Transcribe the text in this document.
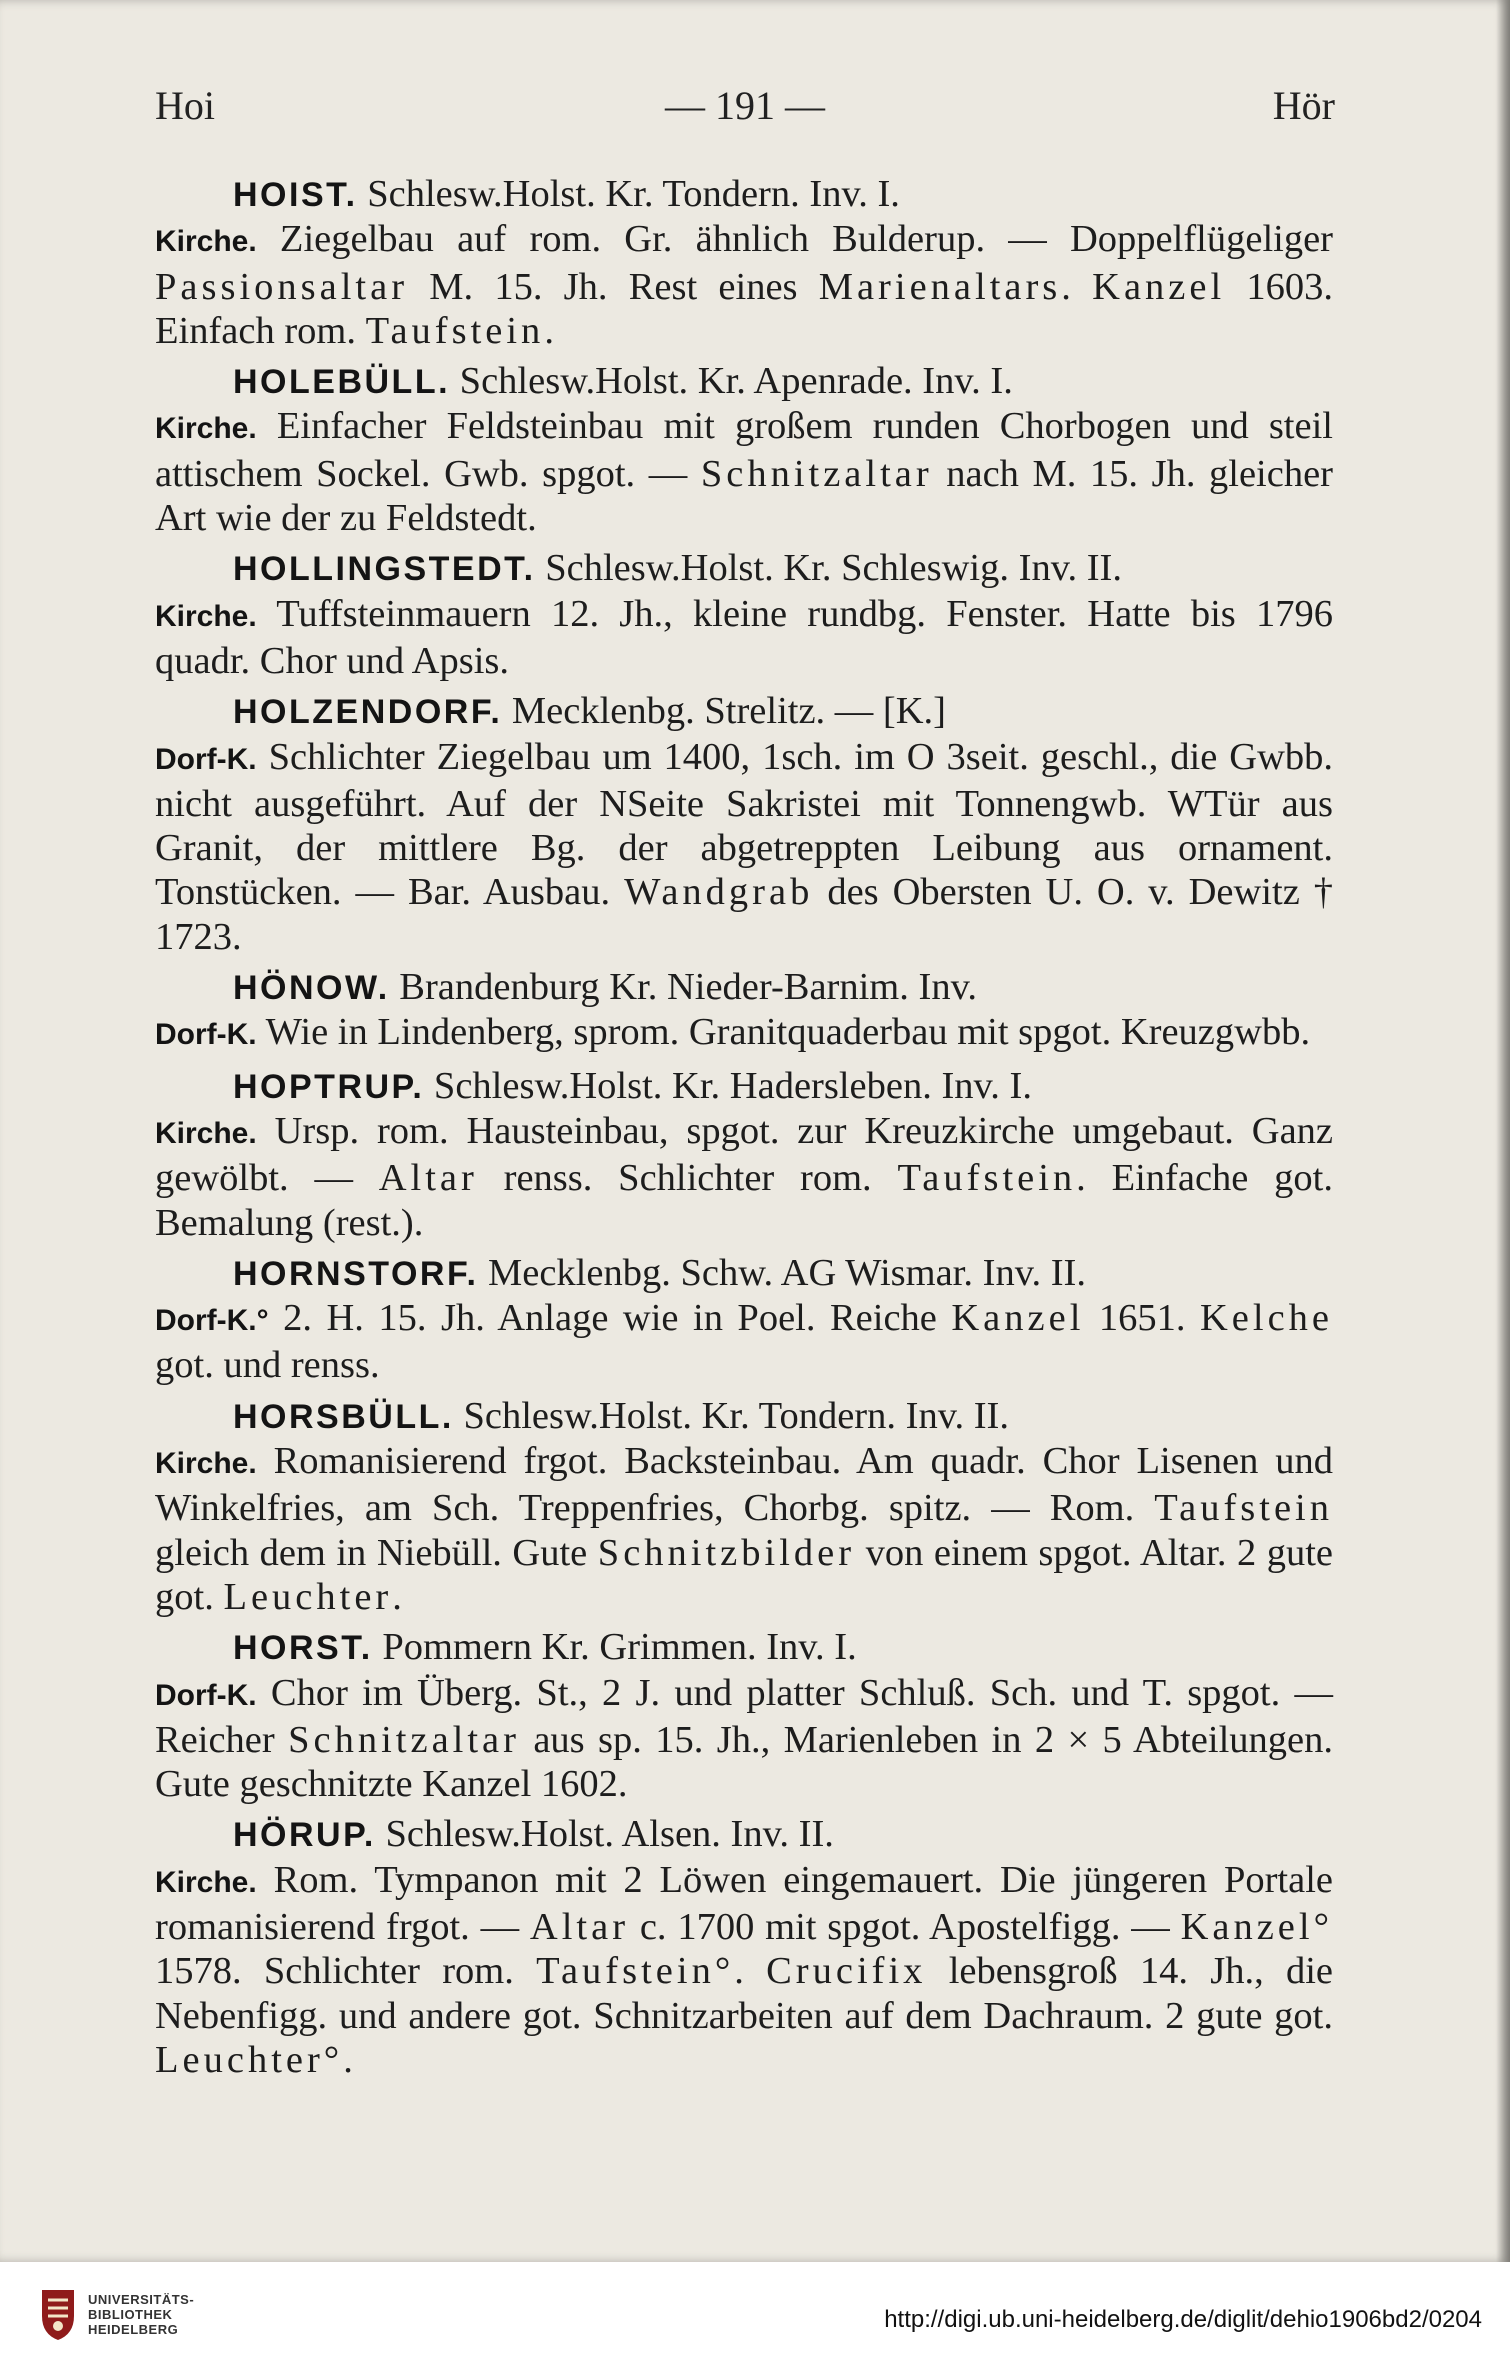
Hoi	— 191 —	Hör
HOIST. Schlesw.Holst. Kr. Tondern. Inv. I.
Kirche. Ziegelbau auf rom. Gr. ähnlich Bulderup. — Doppelflügeliger Passionsaltar M. 15. Jh. Rest eines Marienaltars. Kanzel 1603. Einfach rom. Taufstein.
HOLEBÜLL. Schlesw.Holst. Kr. Apenrade. Inv. I.
Kirche. Einfacher Feldsteinbau mit großem runden Chorbogen und steil attischem Sockel. Gwb. spgot. — Schnitzaltar nach M. 15. Jh. gleicher Art wie der zu Feldstedt.
HOLLINGSTEDT. Schlesw.Holst. Kr. Schleswig. Inv. II.
Kirche. Tuffsteinmauern 12. Jh., kleine rundbg. Fenster. Hatte bis 1796 quadr. Chor und Apsis.
HOLZENDORF. Mecklenbg. Strelitz. — [K.]
Dorf-K. Schlichter Ziegelbau um 1400, 1sch. im O 3seit. geschl., die Gwbb. nicht ausgeführt. Auf der NSeite Sakristei mit Tonnengwb. WTür aus Granit, der mittlere Bg. der abgetreppten Leibung aus ornament. Tonstücken. — Bar. Ausbau. Wandgrab des Obersten U. O. v. Dewitz † 1723.
HÖNOW. Brandenburg Kr. Nieder-Barnim. Inv.
Dorf-K. Wie in Lindenberg, sprom. Granitquaderbau mit spgot. Kreuzgwbb.
HOPTRUP. Schlesw.Holst. Kr. Hadersleben. Inv. I.
Kirche. Ursp. rom. Hausteinbau, spgot. zur Kreuzkirche umgebaut. Ganz gewölbt. — Altar renss. Schlichter rom. Taufstein. Einfache got. Bemalung (rest.).
HORNSTORF. Mecklenbg. Schw. AG Wismar. Inv. II.
Dorf-K.° 2. H. 15. Jh. Anlage wie in Poel. Reiche Kanzel 1651. Kelche got. und renss.
HORSBÜLL. Schlesw.Holst. Kr. Tondern. Inv. II.
Kirche. Romanisierend frgot. Backsteinbau. Am quadr. Chor Lisenen und Winkelfries, am Sch. Treppenfries, Chorbg. spitz. — Rom. Taufstein gleich dem in Niebüll. Gute Schnitzbilder von einem spgot. Altar. 2 gute got. Leuchter.
HORST. Pommern Kr. Grimmen. Inv. I.
Dorf-K. Chor im Überg. St., 2 J. und platter Schluß. Sch. und T. spgot. — Reicher Schnitzaltar aus sp. 15. Jh., Marienleben in 2 × 5 Abteilungen. Gute geschnitzte Kanzel 1602.
HÖRUP. Schlesw.Holst. Alsen. Inv. II.
Kirche. Rom. Tympanon mit 2 Löwen eingemauert. Die jüngeren Portale romanisierend frgot. — Altar c. 1700 mit spgot. Apostelfigg. — Kanzel° 1578. Schlichter rom. Taufstein°. Crucifix lebensgroß 14. Jh., die Nebenfigg. und andere got. Schnitzarbeiten auf dem Dachraum. 2 gute got. Leuchter°.
UNIVERSITÄTS-
BIBLIOTHEK
HEIDELBERG	http://digi.ub.uni-heidelberg.de/diglit/dehio1906bd2/0204
